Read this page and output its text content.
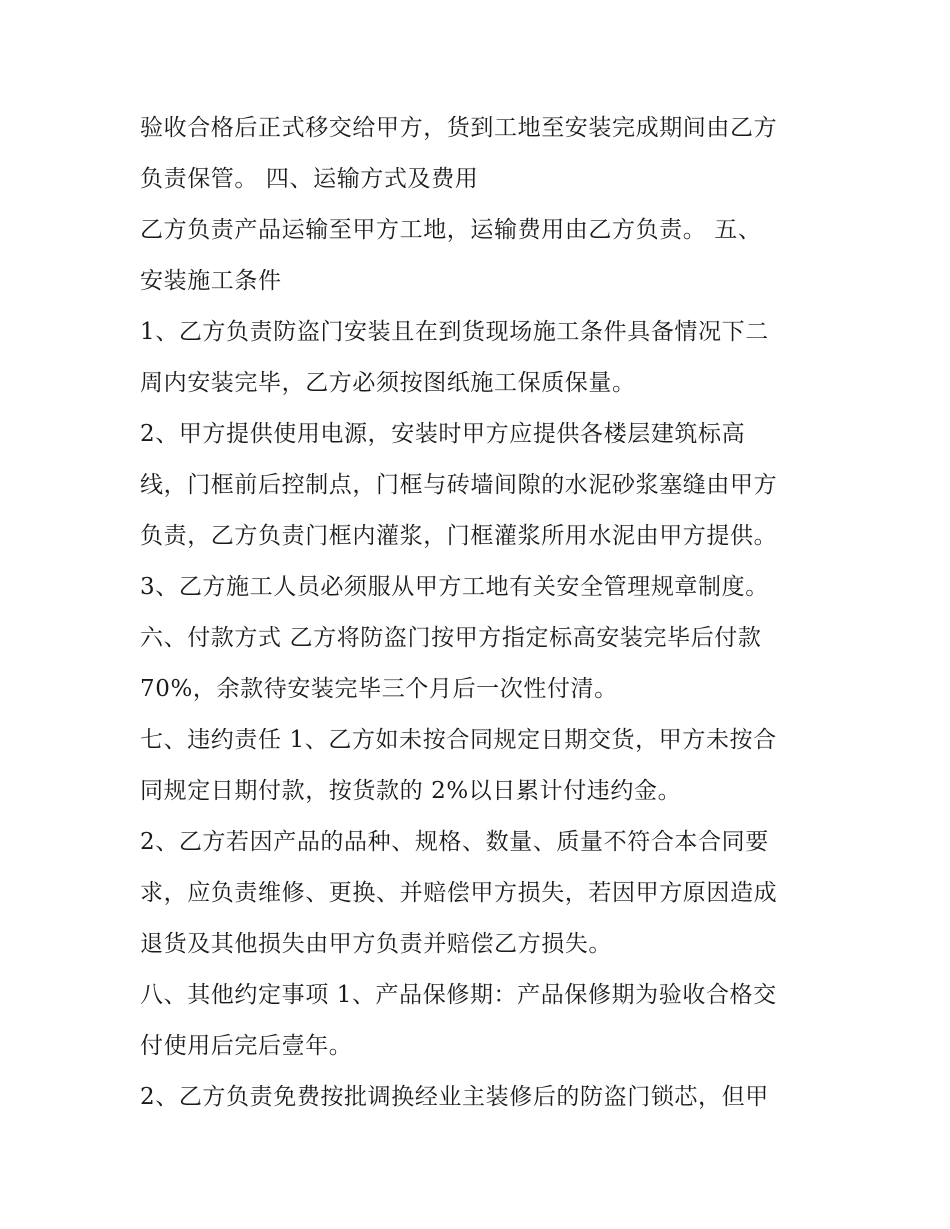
验收合格后正式移交给甲方，货到工地至安装完成期间由乙方
负责保管。 四、运输方式及费用
乙方负责产品运输至甲方工地，运输费用由乙方负责。 五、
安装施工条件
1、乙方负责防盗门安装且在到货现场施工条件具备情况下二
周内安装完毕，乙方必须按图纸施工保质保量。
2、甲方提供使用电源，安装时甲方应提供各楼层建筑标高
线，门框前后控制点，门框与砖墙间隙的水泥砂浆塞缝由甲方
负责，乙方负责门框内灌浆，门框灌浆所用水泥由甲方提供。
3、乙方施工人员必须服从甲方工地有关安全管理规章制度。
六、付款方式 乙方将防盗门按甲方指定标高安装完毕后付款
70%，余款待安装完毕三个月后一次性付清。
七、违约责任 1、乙方如未按合同规定日期交货，甲方未按合
同规定日期付款，按货款的 2%以日累计付违约金。
2、乙方若因产品的品种、规格、数量、质量不符合本合同要
求，应负责维修、更换、并赔偿甲方损失，若因甲方原因造成
退货及其他损失由甲方负责并赔偿乙方损失。
八、其他约定事项 1、产品保修期：产品保修期为验收合格交
付使用后完后壹年。
2、乙方负责免费按批调换经业主装修后的防盗门锁芯，但甲
